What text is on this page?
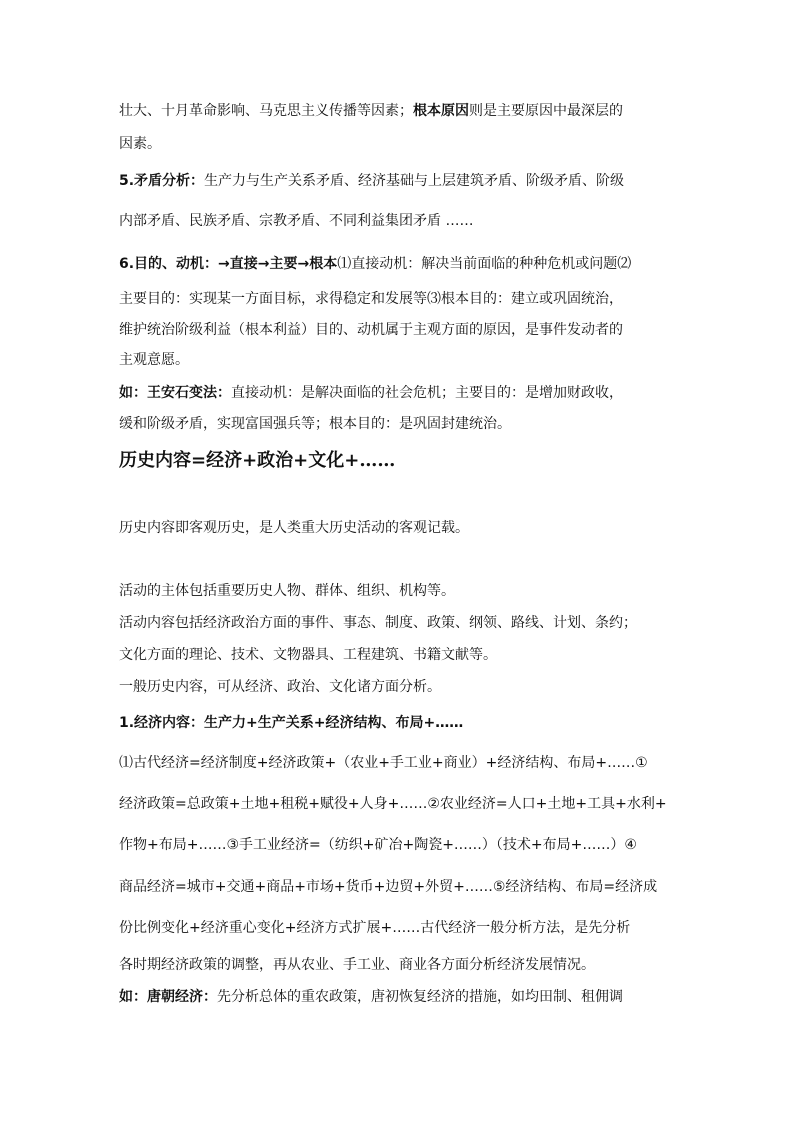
壮大、十月革命影响、马克思主义传播等因素；根本原因则是主要原因中最深层的
因素。
5.矛盾分析：生产力与生产关系矛盾、经济基础与上层建筑矛盾、阶级矛盾、阶级
内部矛盾、民族矛盾、宗教矛盾、不同利益集团矛盾 ……
6.目的、动机：→直接→主要→根本⑴直接动机：解决当前面临的种种危机或问题⑵
主要目的：实现某一方面目标，求得稳定和发展等⑶根本目的：建立或巩固统治，
维护统治阶级利益（根本利益）目的、动机属于主观方面的原因，是事件发动者的
主观意愿。
如：王安石变法：直接动机：是解决面临的社会危机；主要目的：是增加财政收，
缓和阶级矛盾，实现富国强兵等；根本目的：是巩固封建统治。
历史内容=经济+政治+文化+……
历史内容即客观历史，是人类重大历史活动的客观记载。
活动的主体包括重要历史人物、群体、组织、机构等。
活动内容包括经济政治方面的事件、事态、制度、政策、纲领、路线、计划、条约；
文化方面的理论、技术、文物器具、工程建筑、书籍文献等。
一般历史内容，可从经济、政治、文化诸方面分析。
1.经济内容：生产力+生产关系+经济结构、布局+……
⑴古代经济=经济制度+经济政策+（农业+手工业+商业）+经济结构、布局+……①
经济政策=总政策+土地+租税+赋役+人身+……②农业经济=人口+土地+工具+水利+
作物+布局+……③手工业经济=（纺织+矿冶+陶瓷+……）（技术+布局+……）④
商品经济=城市+交通+商品+市场+货币+边贸+外贸+……⑤经济结构、布局=经济成
份比例变化+经济重心变化+经济方式扩展+……古代经济一般分析方法，是先分析
各时期经济政策的调整，再从农业、手工业、商业各方面分析经济发展情况。
如：唐朝经济：先分析总体的重农政策，唐初恢复经济的措施，如均田制、租佣调
